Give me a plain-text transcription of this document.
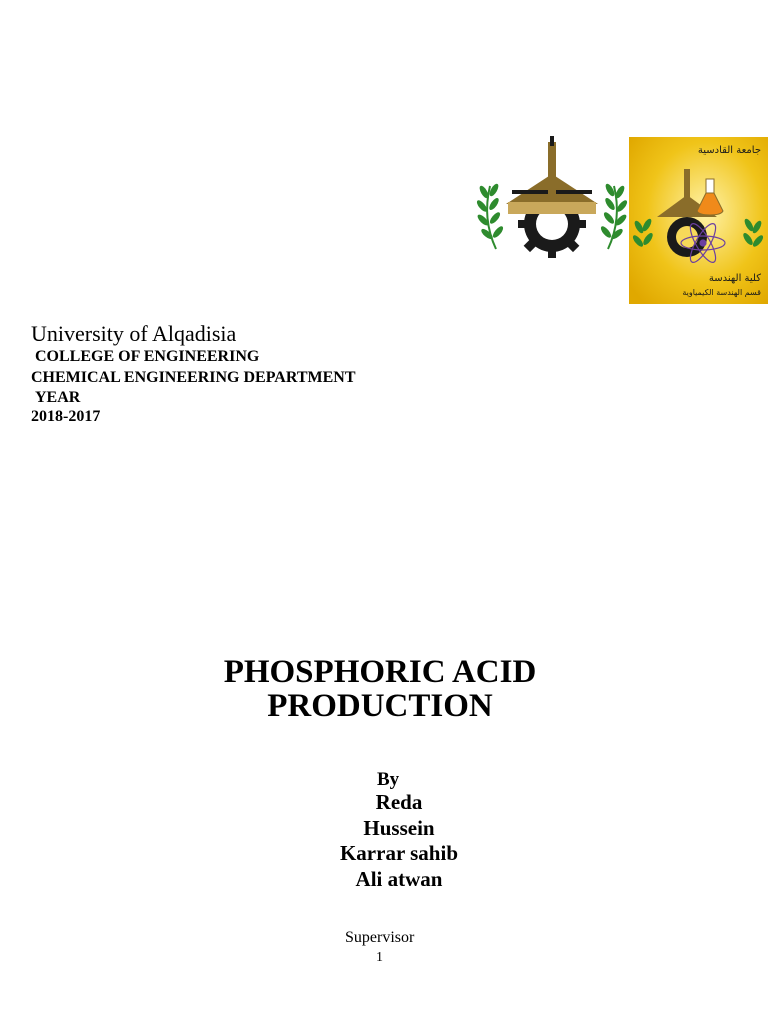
جامعة القادسية
كلية الهندسة
قسم الهندسة الكيمياوية
University of Alqadisia
COLLEGE OF ENGINEERING
CHEMICAL ENGINEERING DEPARTMENT
YEAR
2018-2017
PHOSPHORIC ACID
PRODUCTION
By
Reda
Hussein
Karrar sahib
Ali atwan
Supervisor
1
